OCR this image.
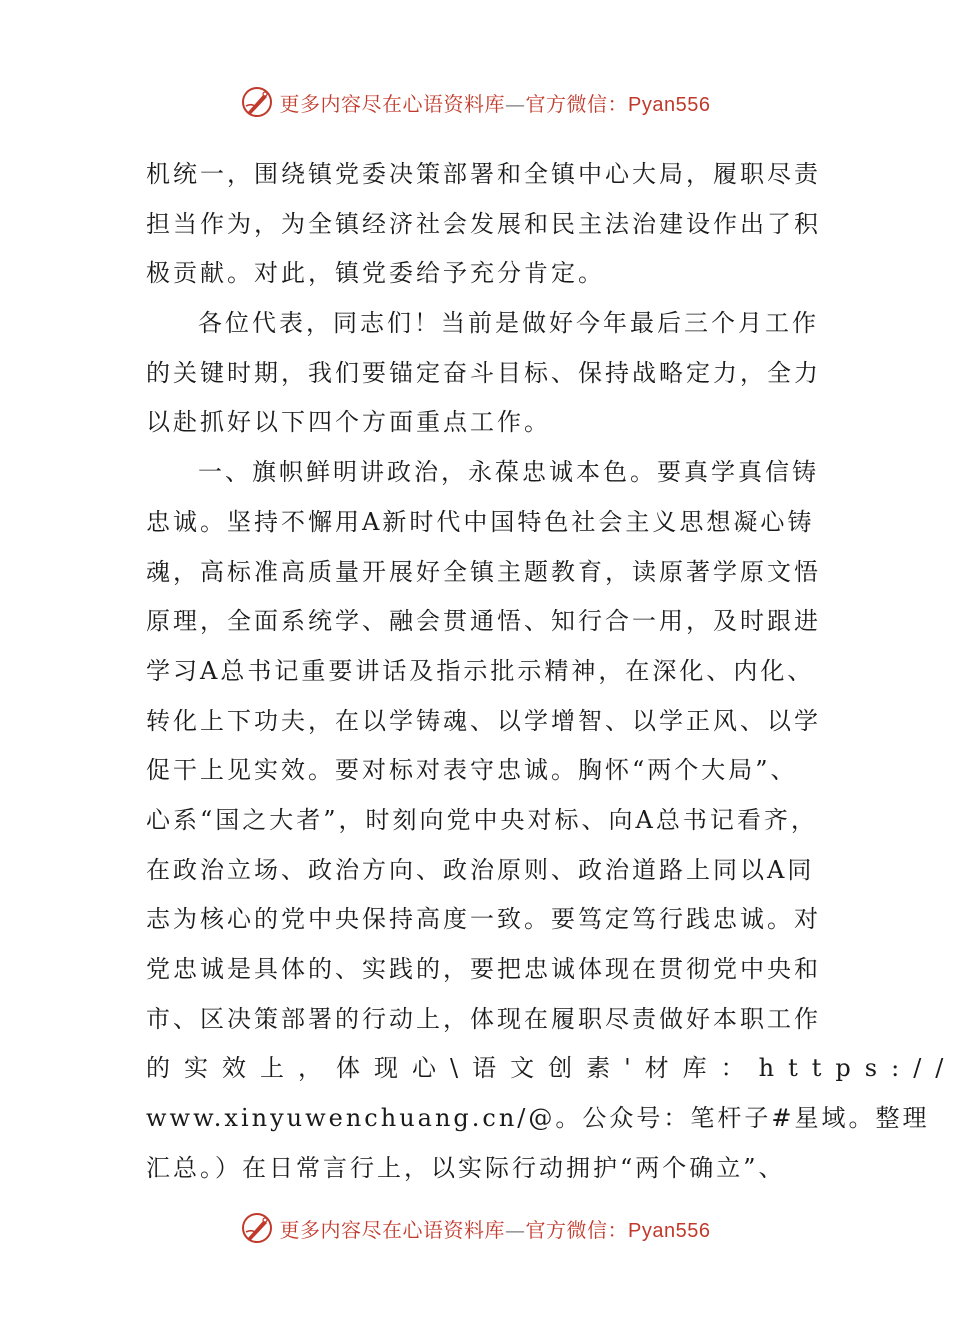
更多内容尽在心语资料库—官方微信：Pyan556
机统一，围绕镇党委决策部署和全镇中心大局，履职尽责
担当作为，为全镇经济社会发展和民主法治建设作出了积
极贡献。对此，镇党委给予充分肯定。
各位代表，同志们！当前是做好今年最后三个月工作
的关键时期，我们要锚定奋斗目标、保持战略定力，全力
以赴抓好以下四个方面重点工作。
一、旗帜鲜明讲政治，永葆忠诚本色。要真学真信铸
忠诚。坚持不懈用A新时代中国特色社会主义思想凝心铸
魂，高标准高质量开展好全镇主题教育，读原著学原文悟
原理，全面系统学、融会贯通悟、知行合一用，及时跟进
学习A总书记重要讲话及指示批示精神，在深化、内化、
转化上下功夫，在以学铸魂、以学增智、以学正风、以学
促干上见实效。要对标对表守忠诚。胸怀“两个大局”、
心系“国之大者”，时刻向党中央对标、向A总书记看齐，
在政治立场、政治方向、政治原则、政治道路上同以A同
志为核心的党中央保持高度一致。要笃定笃行践忠诚。对
党忠诚是具体的、实践的，要把忠诚体现在贯彻党中央和
市、区决策部署的行动上，体现在履职尽责做好本职工作
的实效上，体现心\语文创素'材库：https://
www.xinyuwenchuang.cn/@。公众号：笔杆子#星域。整理
汇总。）在日常言行上，以实际行动拥护“两个确立”、
更多内容尽在心语资料库—官方微信：Pyan556
